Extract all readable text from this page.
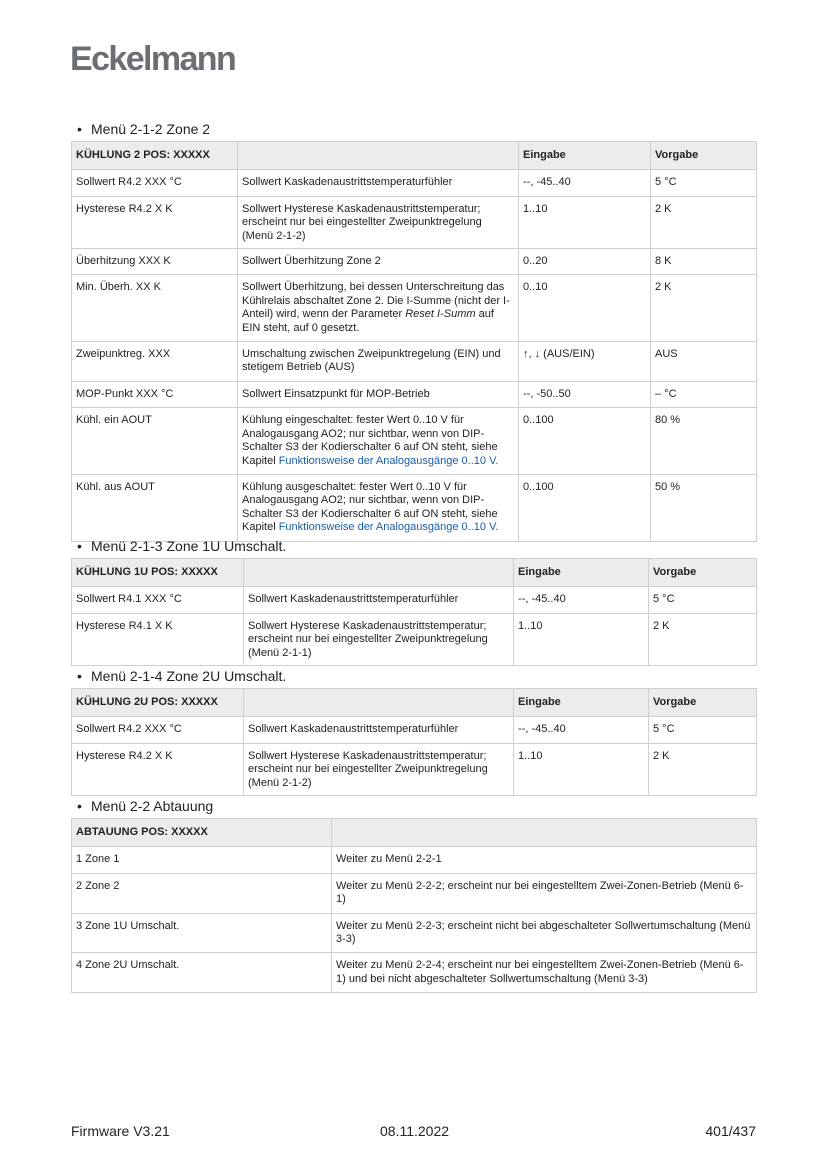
Eckelmann
• Menü 2-1-2 Zone 2
KÜHLUNG 2 POS: XXXXX		Eingabe	Vorgabe
Sollwert R4.2 XXX °C	Sollwert Kaskadenaustrittstemperaturfühler	--, -45..40	5 °C
Hysterese R4.2 X K	Sollwert Hysterese Kaskadenaustrittstemperatur; erscheint nur bei eingestellter Zweipunktregelung (Menü 2-1-2)	1..10	2 K
Überhitzung XXX K	Sollwert Überhitzung Zone 2	0..20	8 K
Min. Überh. XX K	Sollwert Überhitzung, bei dessen Unterschreitung das Kühlrelais abschaltet Zone 2. Die I-Summe (nicht der I-Anteil) wird, wenn der Parameter Reset I-Summ auf EIN steht, auf 0 gesetzt.	0..10	2 K
Zweipunktreg. XXX	Umschaltung zwischen Zweipunktregelung (EIN) und stetigem Betrieb (AUS)	↑, ↓ (AUS/EIN)	AUS
MOP-Punkt XXX °C	Sollwert Einsatzpunkt für MOP-Betrieb	--, -50..50	– °C
Kühl. ein AOUT	Kühlung eingeschaltet: fester Wert 0..10 V für Analogausgang AO2; nur sichtbar, wenn von DIP-Schalter S3 der Kodierschalter 6 auf ON steht, siehe Kapitel Funktionsweise der Analogausgänge 0..10 V.	0..100	80 %
Kühl. aus AOUT	Kühlung ausgeschaltet: fester Wert 0..10 V für Analogausgang AO2; nur sichtbar, wenn von DIP-Schalter S3 der Kodierschalter 6 auf ON steht, siehe Kapitel Funktionsweise der Analogausgänge 0..10 V.	0..100	50 %
• Menü 2-1-3 Zone 1U Umschalt.
KÜHLUNG 1U POS: XXXXX		Eingabe	Vorgabe
Sollwert R4.1 XXX °C	Sollwert Kaskadenaustrittstemperaturfühler	--, -45..40	5 °C
Hysterese R4.1 X K	Sollwert Hysterese Kaskadenaustrittstemperatur; erscheint nur bei eingestellter Zweipunktregelung (Menü 2-1-1)	1..10	2 K
• Menü 2-1-4 Zone 2U Umschalt.
KÜHLUNG 2U POS: XXXXX		Eingabe	Vorgabe
Sollwert R4.2 XXX °C	Sollwert Kaskadenaustrittstemperaturfühler	--, -45..40	5 °C
Hysterese R4.2 X K	Sollwert Hysterese Kaskadenaustrittstemperatur; erscheint nur bei eingestellter Zweipunktregelung (Menü 2-1-2)	1..10	2 K
• Menü 2-2 Abtauung
ABTAUUNG POS: XXXXX	
1 Zone 1	Weiter zu Menü 2-2-1
2 Zone 2	Weiter zu Menü 2-2-2; erscheint nur bei eingestelltem Zwei-Zonen-Betrieb (Menü 6-1)
3 Zone 1U Umschalt.	Weiter zu Menü 2-2-3; erscheint nicht bei abgeschalteter Sollwertumschaltung (Menü 3-3)
4 Zone 2U Umschalt.	Weiter zu Menü 2-2-4; erscheint nur bei eingestelltem Zwei-Zonen-Betrieb (Menü 6-1) und bei nicht abgeschalteter Sollwertumschaltung (Menü 3-3)
Firmware V3.21	08.11.2022	401/437
